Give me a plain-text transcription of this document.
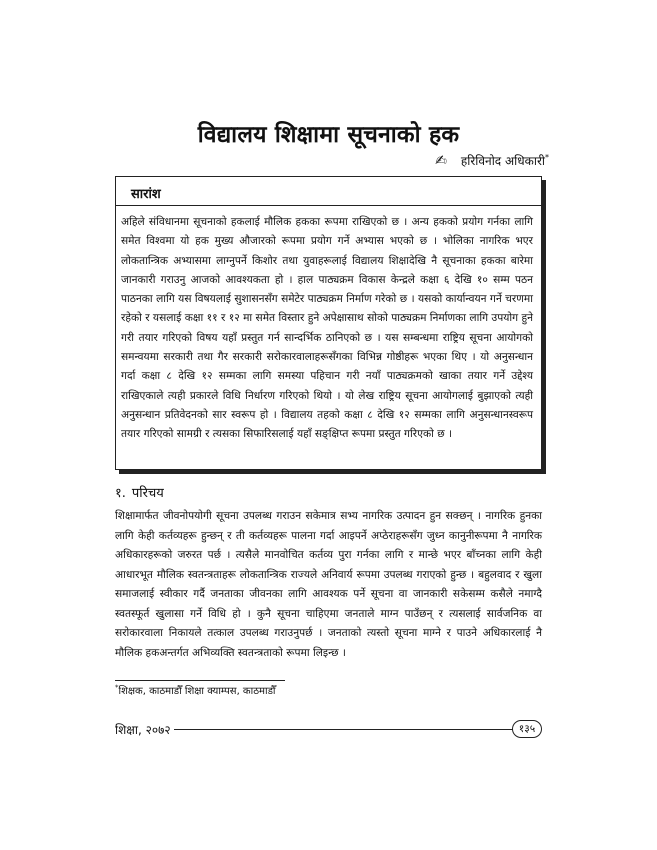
विद्यालय शिक्षामा सूचनाको हक
✍ हरिविनोद अधिकारी*
सारांश
अहिले संविधानमा सूचनाको हकलाई मौलिक हकका रूपमा राखिएको छ । अन्य हकको प्रयोग गर्नका लागि समेत विश्वमा यो हक मुख्य औजारको रूपमा प्रयोग गर्ने अभ्यास भएको छ । भोलिका नागरिक भएर लोकतान्त्रिक अभ्यासमा लाग्नुपर्ने किशोर तथा युवाहरूलाई विद्यालय शिक्षादेखि नै सूचनाका हकका बारेमा जानकारी गराउनु आजको आवश्यकता हो । हाल पाठ्यक्रम विकास केन्द्रले कक्षा ६ देखि १० सम्म पठन पाठनका लागि यस विषयलाई सुशासनसँग समेटेर पाठ्यक्रम निर्माण गरेको छ । यसको कार्यान्वयन गर्ने चरणमा रहेको र यसलाई कक्षा ११ र १२ मा समेत विस्तार हुने अपेक्षासाथ सोको पाठ्यक्रम निर्माणका लागि उपयोग हुने गरी तयार गरिएको विषय यहाँ प्रस्तुत गर्न सान्दर्भिक ठानिएको छ । यस सम्बन्धमा राष्ट्रिय सूचना आयोगको समन्वयमा सरकारी तथा गैर सरकारी सरोकारवालाहरूसँगका विभिन्न गोष्ठीहरू भएका थिए । यो अनुसन्धान गर्दा कक्षा ८ देखि १२ सम्मका लागि समस्या पहिचान गरी नयाँ पाठ्यक्रमको खाका तयार गर्ने उद्देश्य राखिएकाले त्यही प्रकारले विधि निर्धारण गरिएको थियो । यो लेख राष्ट्रिय सूचना आयोगलाई बुझाएको त्यही अनुसन्धान प्रतिवेदनको सार स्वरूप हो । विद्यालय तहको कक्षा ८ देखि १२ सम्मका लागि अनुसन्धानस्वरूप तयार गरिएको सामग्री र त्यसका सिफारिसलाई यहाँ सङ्क्षिप्त रूपमा प्रस्तुत गरिएको छ ।
१. परिचय
शिक्षामार्फत जीवनोपयोगी सूचना उपलब्ध गराउन सकेमात्र सभ्य नागरिक उत्पादन हुन सक्छन् । नागरिक हुनका लागि केही कर्तव्यहरू हुन्छन् र ती कर्तव्यहरू पालना गर्दा आइपर्ने अप्ठेराहरूसँग जुध्न कानुनीरूपमा नै नागरिक अधिकारहरूको जरुरत पर्छ । त्यसैले मानवोचित कर्तव्य पुरा गर्नका लागि र मान्छे भएर बाँच्नका लागि केही आधारभूत मौलिक स्वतन्त्रताहरू लोकतान्त्रिक राज्यले अनिवार्य रूपमा उपलब्ध गराएको हुन्छ । बहुलवाद र खुला समाजलाई स्वीकार गर्दै जनताका जीवनका लागि आवश्यक पर्ने सूचना वा जानकारी सकेसम्म कसैले नमाग्दै स्वतस्फूर्त खुलासा गर्ने विधि हो । कुनै सूचना चाहिएमा जनताले माग्न पाउँछन् र त्यसलाई सार्वजनिक वा सरोकारवाला निकायले तत्काल उपलब्ध गराउनुपर्छ । जनताको त्यस्तो सूचना माग्ने र पाउने अधिकारलाई नै मौलिक हकअन्तर्गत अभिव्यक्ति स्वतन्त्रताको रूपमा लिइन्छ ।
*शिक्षक, काठमाडौँ शिक्षा क्याम्पस, काठमाडौँ
शिक्षा, २०७२	१३५
